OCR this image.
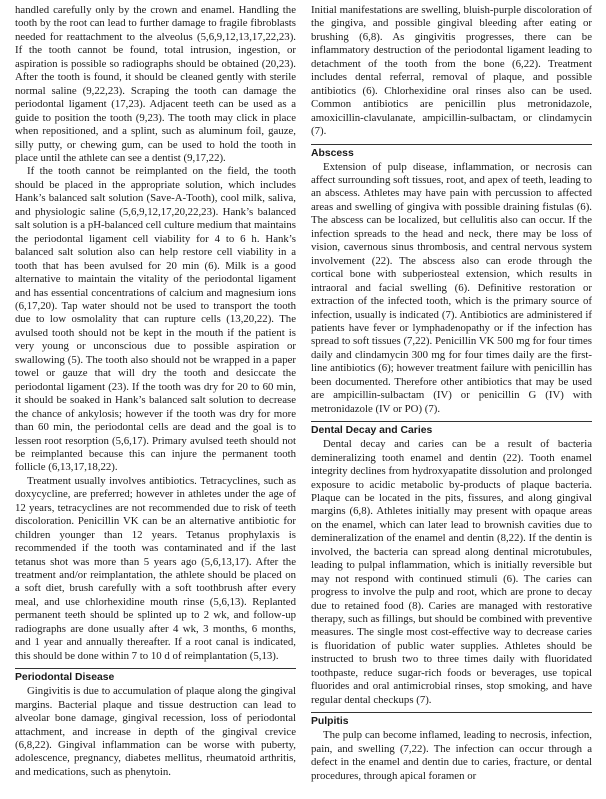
handled carefully only by the crown and enamel. Handling the tooth by the root can lead to further damage to fragile fibroblasts needed for reattachment to the alveolus (5,6,9,12,13,17,22,23). If the tooth cannot be found, total intrusion, ingestion, or aspiration is possible so radiographs should be obtained (20,23). After the tooth is found, it should be cleaned gently with sterile normal saline (9,22,23). Scraping the tooth can damage the periodontal ligament (17,23). Adjacent teeth can be used as a guide to position the tooth (9,23). The tooth may click in place when repositioned, and a splint, such as aluminum foil, gauze, silly putty, or chewing gum, can be used to hold the tooth in place until the athlete can see a dentist (9,17,22).

If the tooth cannot be reimplanted on the field, the tooth should be placed in the appropriate solution, which includes Hank’s balanced salt solution (Save-A-Tooth), cool milk, saliva, and physiologic saline (5,6,9,12,17,20,22,23). Hank’s balanced salt solution is a pH-balanced cell culture medium that maintains the periodontal ligament cell viability for 4 to 6 h. Hank’s balanced salt solution also can help restore cell viability in a tooth that has been avulsed for 20 min (6). Milk is a good alternative to maintain the vitality of the periodontal ligament and has essential concentrations of calcium and magnesium ions (6,17,20). Tap water should not be used to transport the tooth due to low osmolality that can rupture cells (13,20,22). The avulsed tooth should not be kept in the mouth if the patient is very young or unconscious due to possible aspiration or swallowing (5). The tooth also should not be wrapped in a paper towel or gauze that will dry the tooth and desiccate the periodontal ligament (23). If the tooth was dry for 20 to 60 min, it should be soaked in Hank’s balanced salt solution to decrease the chance of ankylosis; however if the tooth was dry for more than 60 min, the periodontal cells are dead and the goal is to lessen root resorption (5,6,17). Primary avulsed teeth should not be reimplanted because this can injure the permanent tooth follicle (6,13,17,18,22).

Treatment usually involves antibiotics. Tetracyclines, such as doxycycline, are preferred; however in athletes under the age of 12 years, tetracyclines are not recommended due to risk of teeth discoloration. Penicillin VK can be an alternative antibiotic for children younger than 12 years. Tetanus prophylaxis is recommended if the tooth was contaminated and if the last tetanus shot was more than 5 years ago (5,6,13,17). After the treatment and/or reimplantation, the athlete should be placed on a soft diet, brush carefully with a soft toothbrush after every meal, and use chlorhexidine mouth rinse (5,6,13). Replanted permanent teeth should be splinted up to 2 wk, and follow-up radiographs are done usually after 4 wk, 3 months, 6 months, and 1 year and annually thereafter. If a root canal is indicated, this should be done within 7 to 10 d of reimplantation (5,13).

Periodontal Disease

Gingivitis is due to accumulation of plaque along the gingival margins. Bacterial plaque and tissue destruction can lead to alveolar bone damage, gingival recession, loss of periodontal attachment, and increase in depth of the gingival crevice (6,8,22). Gingival inflammation can be worse with puberty, adolescence, pregnancy, diabetes mellitus, rheumatoid arthritis, and medications, such as phenytoin.

Initial manifestations are swelling, bluish-purple discoloration of the gingiva, and possible gingival bleeding after eating or brushing (6,8). As gingivitis progresses, there can be inflammatory destruction of the periodontal ligament leading to detachment of the tooth from the bone (6,22). Treatment includes dental referral, removal of plaque, and possible antibiotics (6). Chlorhexidine oral rinses also can be used. Common antibiotics are penicillin plus metronidazole, amoxicillin-clavulanate, ampicillin-sulbactam, or clindamycin (7).

Abscess

Extension of pulp disease, inflammation, or necrosis can affect surrounding soft tissues, root, and apex of teeth, leading to an abscess. Athletes may have pain with percussion to affected areas and swelling of gingiva with possible draining fistulas (6). The abscess can be localized, but cellulitis also can occur. If the infection spreads to the head and neck, there may be loss of vision, cavernous sinus thrombosis, and central nervous system involvement (22). The abscess also can erode through the cortical bone with subperiosteal extension, which results in intraoral and facial swelling (6). Definitive restoration or extraction of the infected tooth, which is the primary source of infection, usually is indicated (7). Antibiotics are administered if patients have fever or lymphadenopathy or if the infection has spread to soft tissues (7,22). Penicillin VK 500 mg for four times daily and clindamycin 300 mg for four times daily are the first-line antibiotics (6); however treatment failure with penicillin has been documented. Therefore other antibiotics that may be used are ampicillin-sulbactam (IV) or penicillin G (IV) with metronidazole (IV or PO) (7).

Dental Decay and Caries

Dental decay and caries can be a result of bacteria demineralizing tooth enamel and dentin (22). Tooth enamel integrity declines from hydroxyapatite dissolution and prolonged exposure to acidic metabolic by-products of plaque bacteria. Plaque can be located in the pits, fissures, and along gingival margins (6,8). Athletes initially may present with opaque areas on the enamel, which can later lead to brownish cavities due to demineralization of the enamel and dentin (8,22). If the dentin is involved, the bacteria can spread along dentinal microtubules, leading to pulpal inflammation, which is initially reversible but may not respond with continued stimuli (6). The caries can progress to involve the pulp and root, which are prone to decay due to retained food (8). Caries are managed with restorative therapy, such as fillings, but should be combined with preventive measures. The single most cost-effective way to decrease caries is fluoridation of public water supplies. Athletes should be instructed to brush two to three times daily with fluoridated toothpaste, reduce sugar-rich foods or beverages, use topical fluorides and oral antimicrobial rinses, stop smoking, and have regular dental checkups (7).

Pulpitis

The pulp can become inflamed, leading to necrosis, infection, pain, and swelling (7,22). The infection can occur through a defect in the enamel and dentin due to caries, fracture, or dental procedures, through apical foramen or
